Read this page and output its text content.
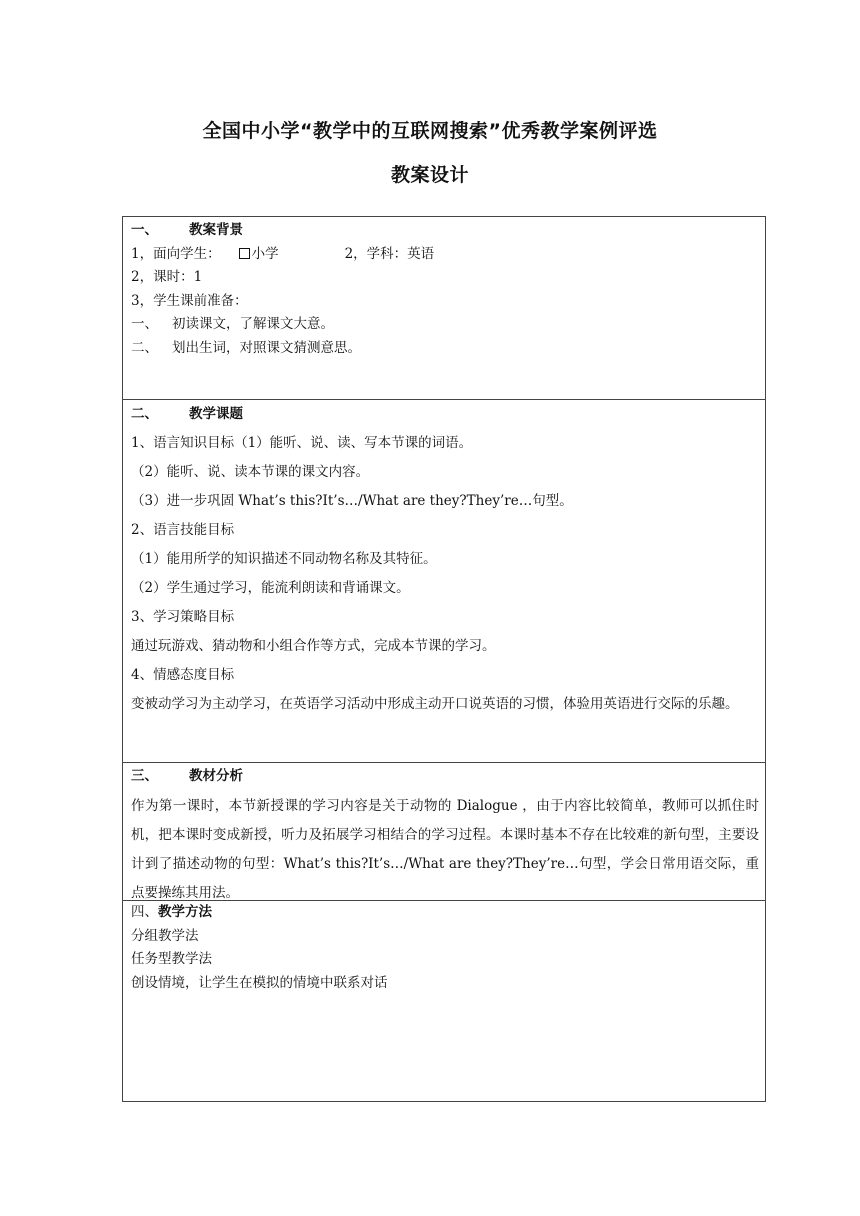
全国中小学“教学中的互联网搜索”优秀教学案例评选
教案设计
一、 教案背景
1，面向学生： 小学	2，学科：英语
2，课时：1
3，学生课前准备：
一、 初读课文，了解课文大意。
二、 划出生词，对照课文猜测意思。
二、 教学课题
1、语言知识目标（1）能听、说、读、写本节课的词语。
（2）能听、说、读本节课的课文内容。
（3）进一步巩固 What’s this?It’s…/What are they?They’re…句型。
2、语言技能目标
（1）能用所学的知识描述不同动物名称及其特征。
（2）学生通过学习，能流利朗读和背诵课文。
3、学习策略目标
通过玩游戏、猜动物和小组合作等方式，完成本节课的学习。
4、情感态度目标
变被动学习为主动学习，在英语学习活动中形成主动开口说英语的习惯，体验用英语进行交际的乐趣。
三、 教材分析
作为第一课时，本节新授课的学习内容是关于动物的 Dialogue ，由于内容比较简单，教师可以抓住时机，把本课时变成新授，听力及拓展学习相结合的学习过程。本课时基本不存在比较难的新句型，主要设计到了描述动物的句型：What’s this?It’s…/What are they?They’re…句型，学会日常用语交际，重点要操练其用法。
四、教学方法
分组教学法
任务型教学法
创设情境，让学生在模拟的情境中联系对话
